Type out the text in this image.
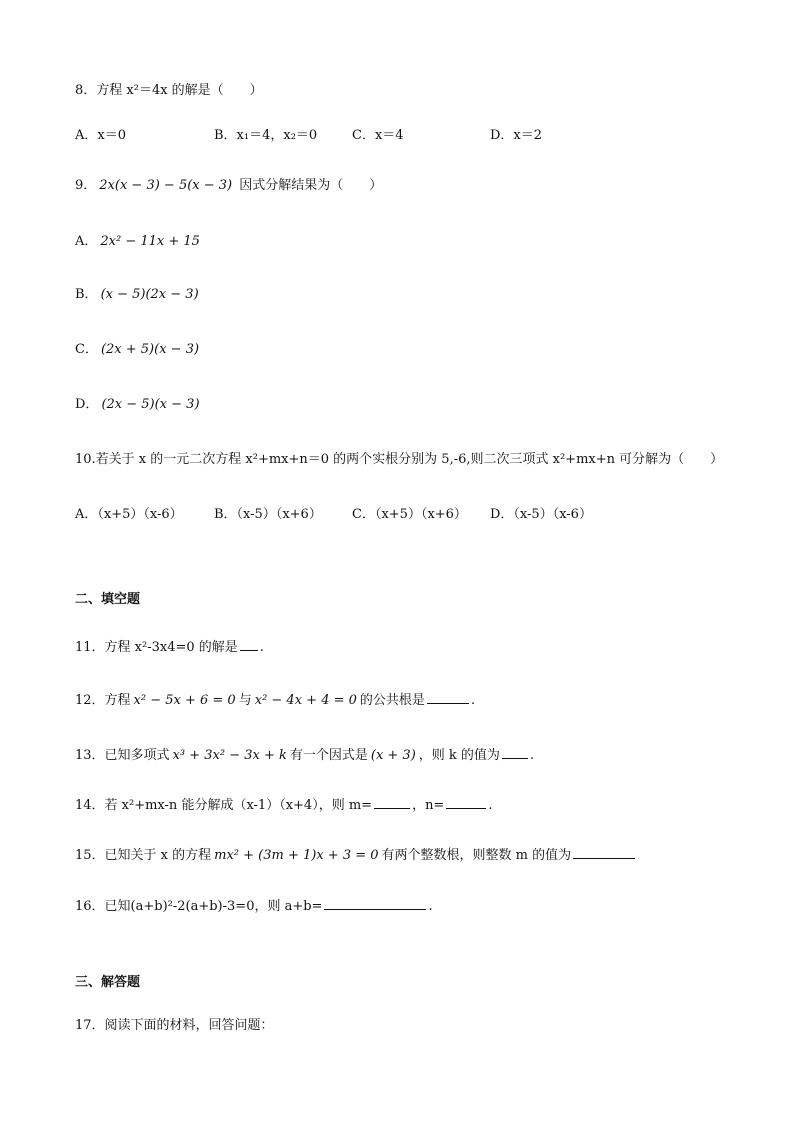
8．方程 x²＝4x 的解是（　　）
A．x＝0	B．x₁＝4，x₂＝0	C．x＝4	D．x＝2
9． 2x(x − 3) − 5(x − 3) 因式分解结果为（　　）
A． 2x² − 11x + 15
B． (x − 5)(2x − 3)
C． (2x + 5)(x − 3)
D． (2x − 5)(x − 3)
10.若关于 x 的一元二次方程 x²+mx+n＝0 的两个实根分别为 5,-6,则二次三项式 x²+mx+n 可分解为（　　）
A．（x+5）（x-6） B．（x-5）（x+6） C．（x+5）（x+6） D．（x-5）（x-6）
二、填空题
11．方程 x²-3x4=0 的解是 .
12．方程 x² − 5x + 6 = 0 与 x² − 4x + 4 = 0 的公共根是	.
13．已知多项式 x³ + 3x² − 3x + k 有一个因式是 (x + 3) ，则 k 的值为 .
14．若 x²+mx-n 能分解成（x-1）（x+4），则 m=	，n=	.
15．已知关于 x 的方程 mx² + (3m + 1)x + 3 = 0 有两个整数根，则整数 m 的值为
16．已知(a+b)²-2(a+b)-3=0，则 a+b=	.
三、解答题
17．阅读下面的材料，回答问题：
